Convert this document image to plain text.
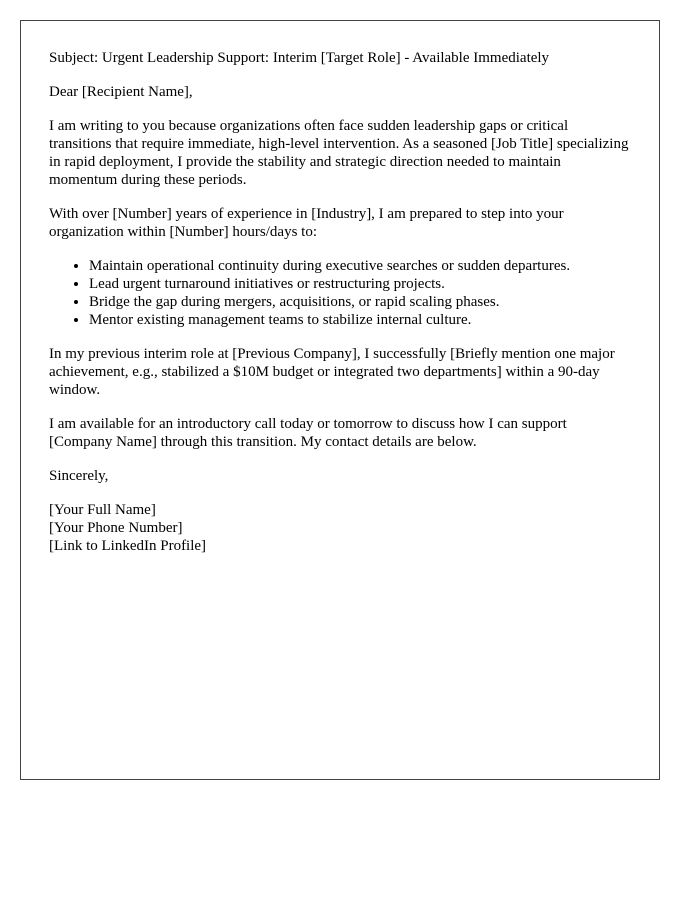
Subject: Urgent Leadership Support: Interim [Target Role] - Available Immediately

Dear [Recipient Name],

I am writing to you because organizations often face sudden leadership gaps or critical transitions that require immediate, high-level intervention. As a seasoned [Job Title] specializing in rapid deployment, I provide the stability and strategic direction needed to maintain momentum during these periods.

With over [Number] years of experience in [Industry], I am prepared to step into your organization within [Number] hours/days to:

• Maintain operational continuity during executive searches or sudden departures.
• Lead urgent turnaround initiatives or restructuring projects.
• Bridge the gap during mergers, acquisitions, or rapid scaling phases.
• Mentor existing management teams to stabilize internal culture.

In my previous interim role at [Previous Company], I successfully [Briefly mention one major achievement, e.g., stabilized a $10M budget or integrated two departments] within a 90-day window.

I am available for an introductory call today or tomorrow to discuss how I can support [Company Name] through this transition. My contact details are below.

Sincerely,

[Your Full Name]

[Your Phone Number]

[Link to LinkedIn Profile]
